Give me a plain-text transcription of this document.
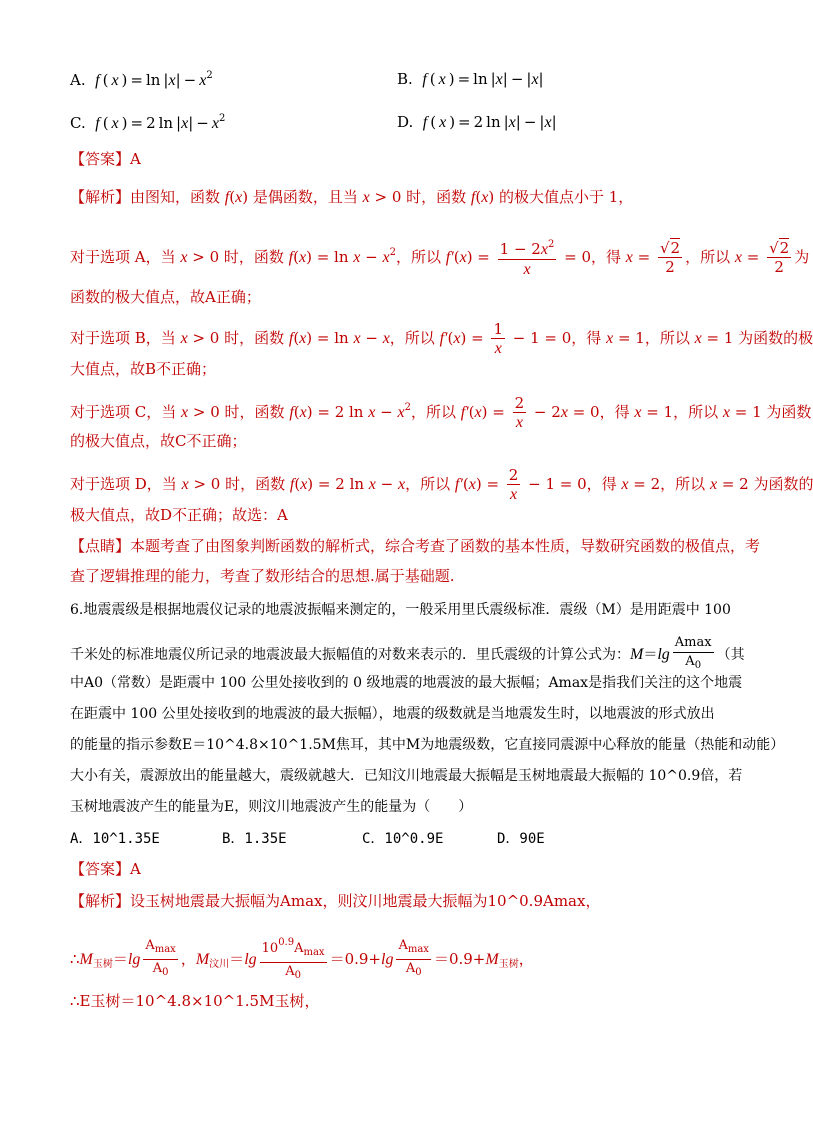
A.  f ( x ) = $\ln |x| - x^2$	B.  f ( x ) = ln |x| − |x|
C.  f ( x ) = 2 $\ln |x| - x^2$	D.  f ( x ) = 2 ln |x| − |x|
【答案】A
【解析】
由图知，函数 f(x) 是偶函数，且当 x > 0 时，函数 f(x) 的极大值点小于 1，
对于选项 A，当 x > 0 时，函数 $f(x) = \ln x - x^2$，所以 $f'(x) = \frac{1 - 2x^2}{x} = 0$，得 $x = \frac{√2}{2}$ ，所以 $x = \frac{√2}{2}$ 为
函数的极大值点，故A正确；
对于选项 B，当 x > 0 时，函数 f(x) = ln x − x，所以 $f'(x) = \frac{1}{x} - 1 = 0$，得 x = 1，所以 x = 1 为函数的极
大值点，故B不正确；
对于选项 C，当 x > 0 时，函数 f(x) = 2 $\ln x - x^2$，所以 $f'(x) = \frac{2}{x} - 2x = 0$，得 x = 1，所以 x = 1 为函数
的极大值点，故C不正确；
对于选项 D，当 x > 0 时，函数 f(x) = 2 ln x − x，所以 $f'(x) = \frac{2}{x} - 1 = 0$，得 x = 2，所以 x = 2 为函数的
极大值点，故D不正确；故选：A
【点睛】本题考查了由图象判断函数的解析式，综合考查了函数的基本性质，导数研究函数的极值点，考
查了逻辑推理的能力，考查了数形结合的思想.属于基础题.
6.地震震级是根据地震仪记录的地震波振幅来测定的，一般采用里氏震级标准．震级（M）是用距震中 100
千米处的标准地震仪所记录的地震波最大振幅值的对数来表示的．里氏震级的计算公式为：$M=\lg \frac{Amax}{A_0}$ （其
中A0（常数）是距震中 100 公里处接收到的 0 级地震的地震波的最大振幅；Amax是指我们关注的这个地震
在距震中 100 公里处接收到的地震波的最大振幅），地震的级数就是当地震发生时，以地震波的形式放出
的能量的指示参数E＝10^4.8×10^1.5M焦耳，其中M为地震级数，它直接同震源中心释放的能量（热能和动能）
大小有关，震源放出的能量越大，震级就越大．已知汶川地震最大振幅是玉树地震最大振幅的 10^0.9倍，若
玉树地震波产生的能量为E，则汶川地震波产生的能量为（　　）
A．10^1.35E	B．1.35E	C．10^0.9E	D．90E
【答案】A
【解析】设玉树地震最大振幅为Amax，则汶川地震最大振幅为10^0.9Amax，
$\therefore M_{玉树}=\lg \frac{A_{max}}{A_0}$ ，$M_{汶川}=\lg \frac{10^{0.9}A_{max}}{A_0} =0.9+\lg \frac{A_{max}}{A_0} =0.9+M_{玉树}$，
∴E玉树＝10^4.8×10^1.5M玉树，
